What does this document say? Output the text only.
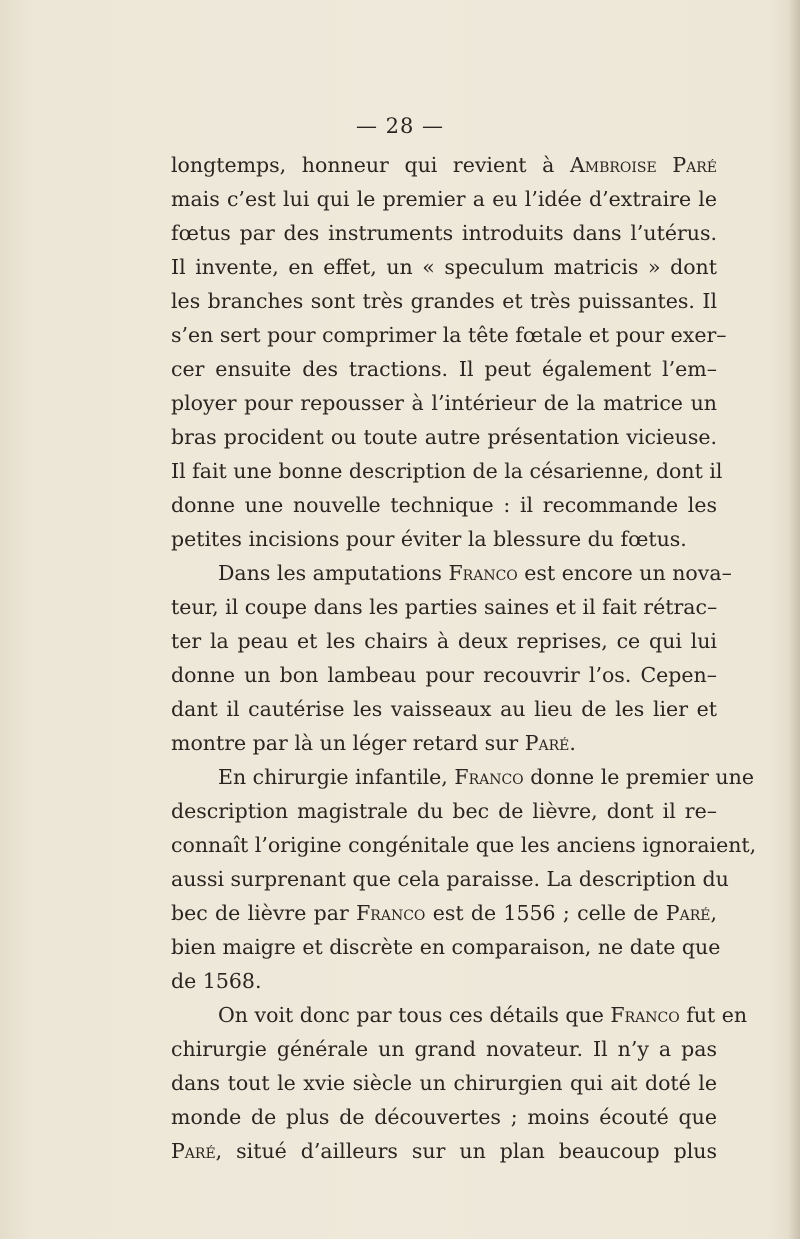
— 28 —
longtemps, honneur qui revient à Ambroise Paré
mais c’est lui qui le premier a eu l’idée d’extraire le
fœtus par des instruments introduits dans l’utérus.
Il invente, en effet, un « speculum matricis » dont
les branches sont très grandes et très puissantes. Il
s’en sert pour comprimer la tête fœtale et pour exer–
cer ensuite des tractions. Il peut également l’em–
ployer pour repousser à l’intérieur de la matrice un
bras procident ou toute autre présentation vicieuse.
Il fait une bonne description de la césarienne, dont il
donne une nouvelle technique : il recommande les
petites incisions pour éviter la blessure du fœtus.
Dans les amputations Franco est encore un nova–
teur, il coupe dans les parties saines et il fait rétrac–
ter la peau et les chairs à deux reprises, ce qui lui
donne un bon lambeau pour recouvrir l’os. Cepen–
dant il cautérise les vaisseaux au lieu de les lier et
montre par là un léger retard sur Paré.
En chirurgie infantile, Franco donne le premier une
description magistrale du bec de lièvre, dont il re–
connaît l’origine congénitale que les anciens ignoraient,
aussi surprenant que cela paraisse. La description du
bec de lièvre par Franco est de 1556 ; celle de Paré,
bien maigre et discrète en comparaison, ne date que
de 1568.
On voit donc par tous ces détails que Franco fut en
chirurgie générale un grand novateur. Il n’y a pas
dans tout le xvie siècle un chirurgien qui ait doté le
monde de plus de découvertes ; moins écouté que
Paré, situé d’ailleurs sur un plan beaucoup plus
